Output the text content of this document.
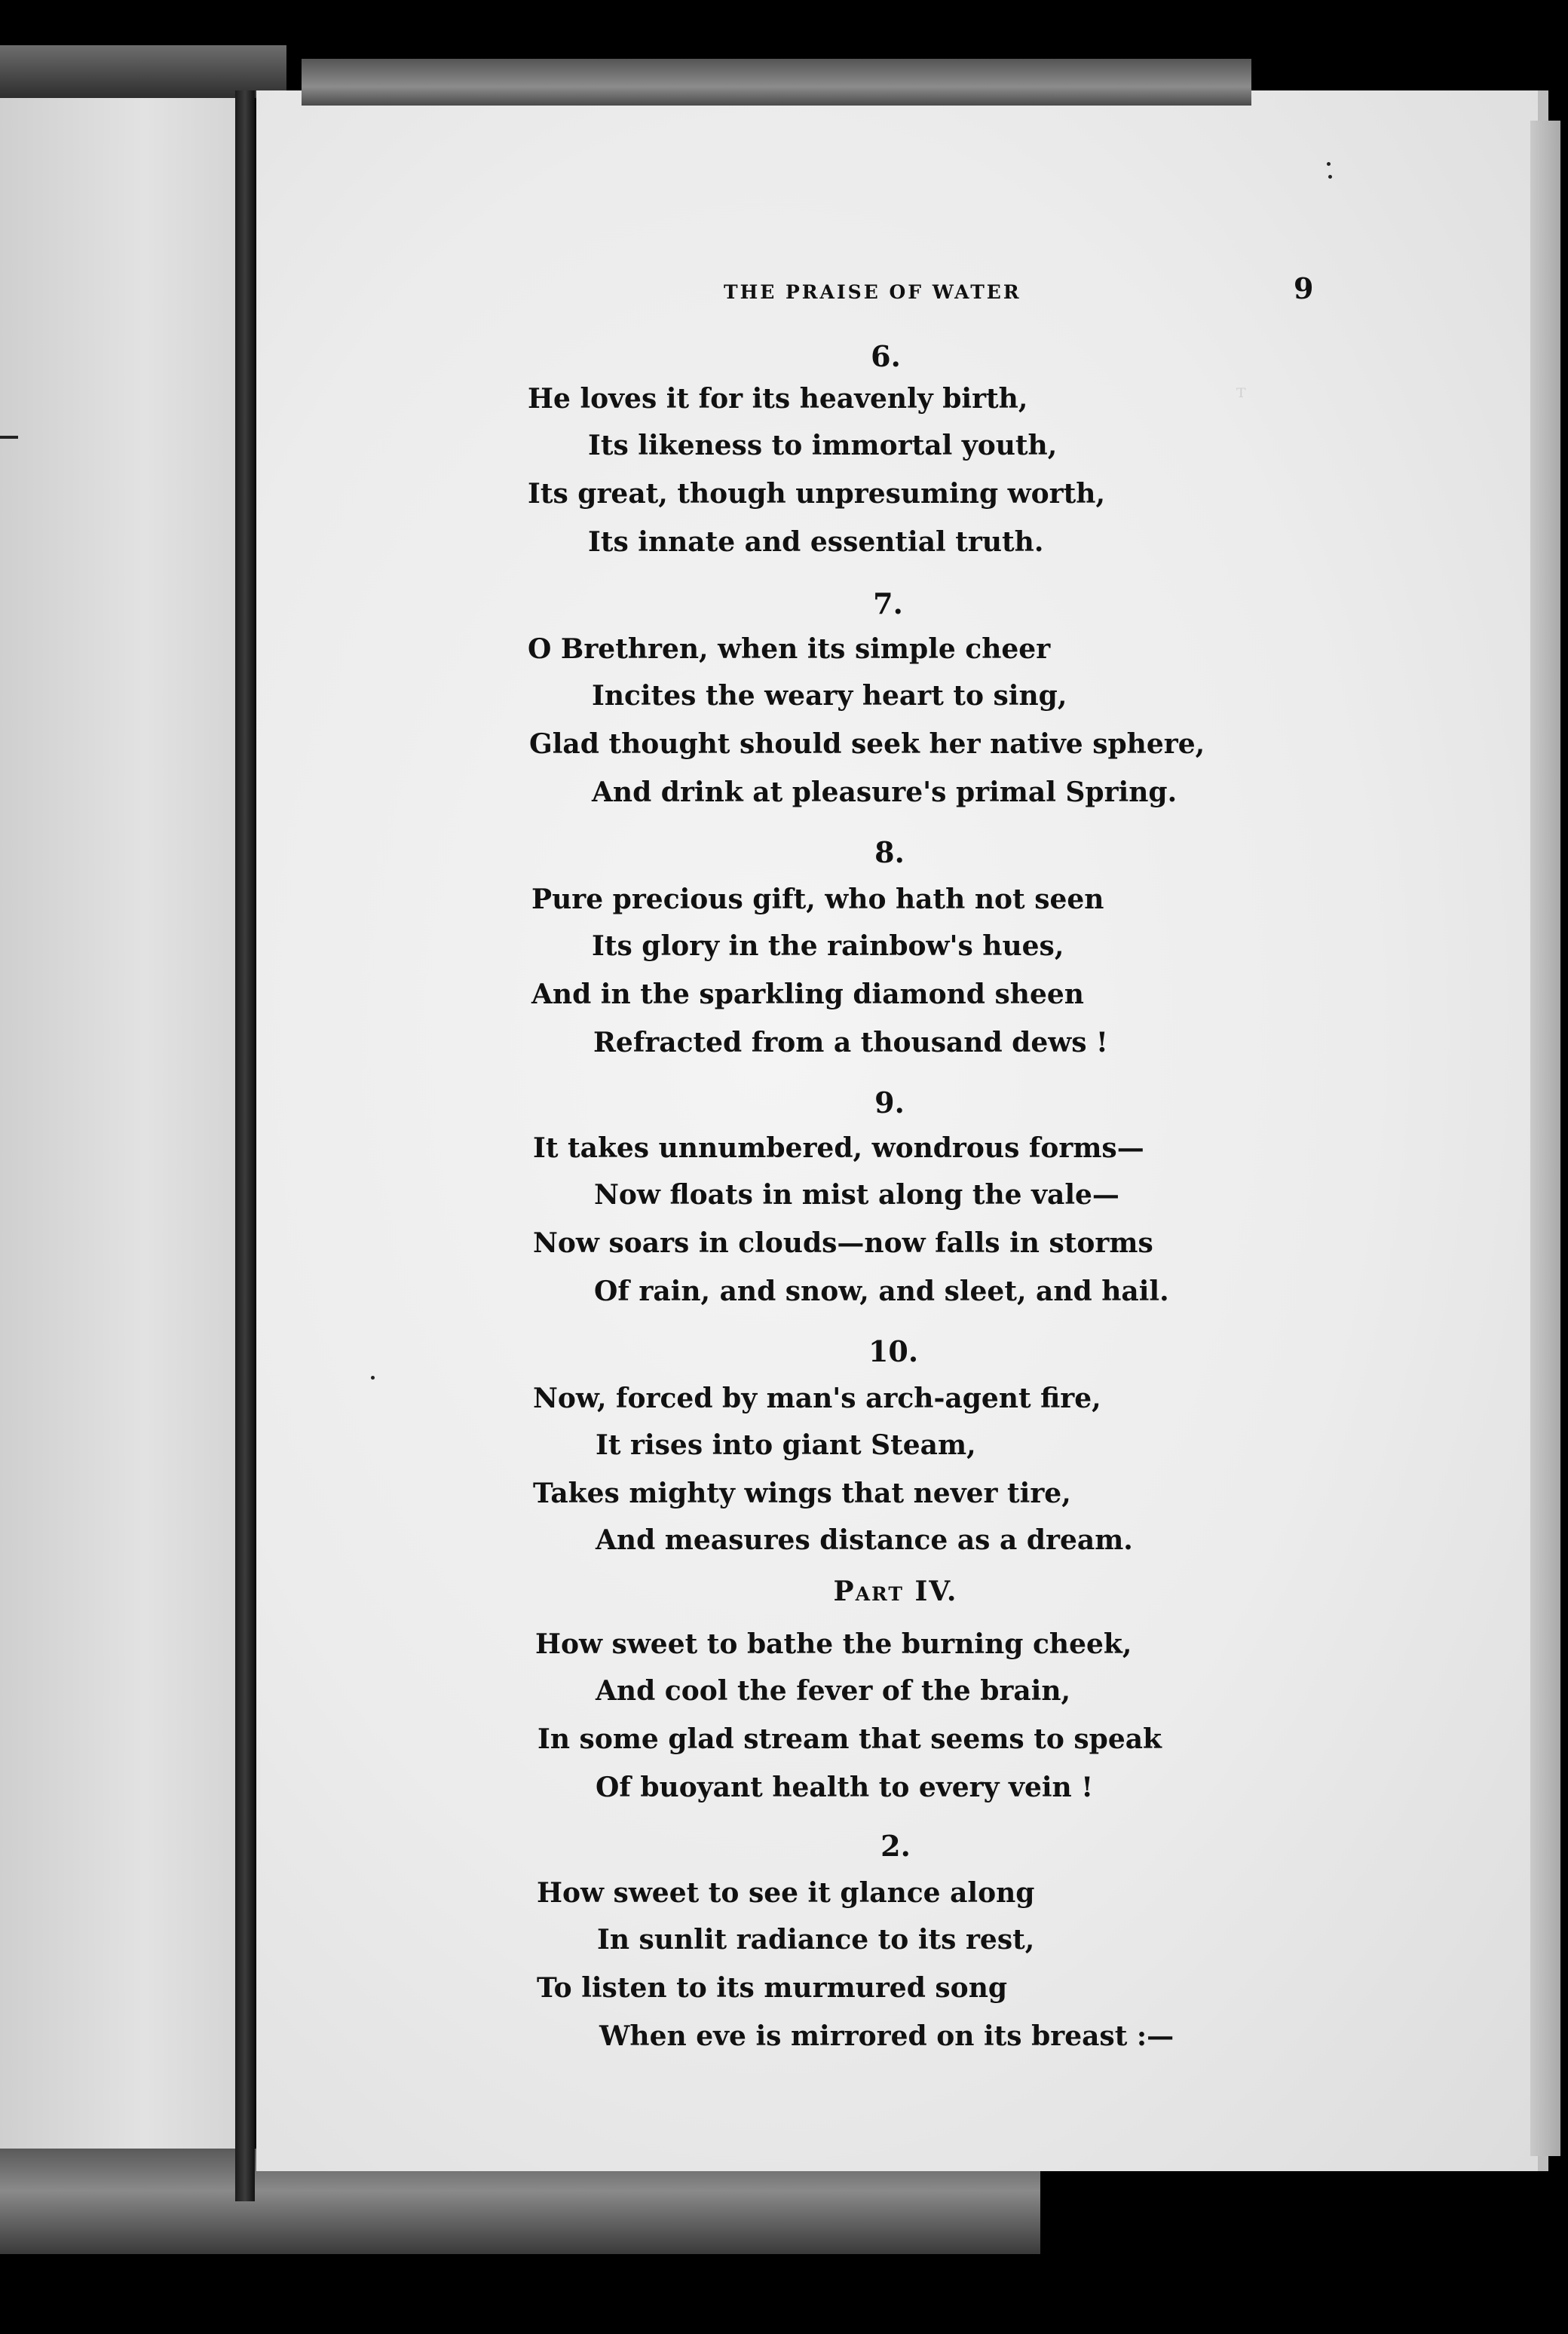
ᵀ
THE PRAISE OF WATER	9
6.
He loves it for its heavenly birth,
Its likeness to immortal youth,
Its great, though unpresuming worth,
Its innate and essential truth.
7.
O Brethren, when its simple cheer
Incites the weary heart to sing,
Glad thought should seek her native sphere,
And drink at pleasure's primal Spring.
8.
Pure precious gift, who hath not seen
Its glory in the rainbow's hues,
And in the sparkling diamond sheen
Refracted from a thousand dews !
9.
It takes unnumbered, wondrous forms—
Now floats in mist along the vale—
Now soars in clouds—now falls in storms
Of rain, and snow, and sleet, and hail.
10.
Now, forced by man's arch-agent fire,
It rises into giant Steam,
Takes mighty wings that never tire,
And measures distance as a dream.
Part IV.
How sweet to bathe the burning cheek,
And cool the fever of the brain,
In some glad stream that seems to speak
Of buoyant health to every vein !
2.
How sweet to see it glance along
In sunlit radiance to its rest,
To listen to its murmured song
When eve is mirrored on its breast :—
